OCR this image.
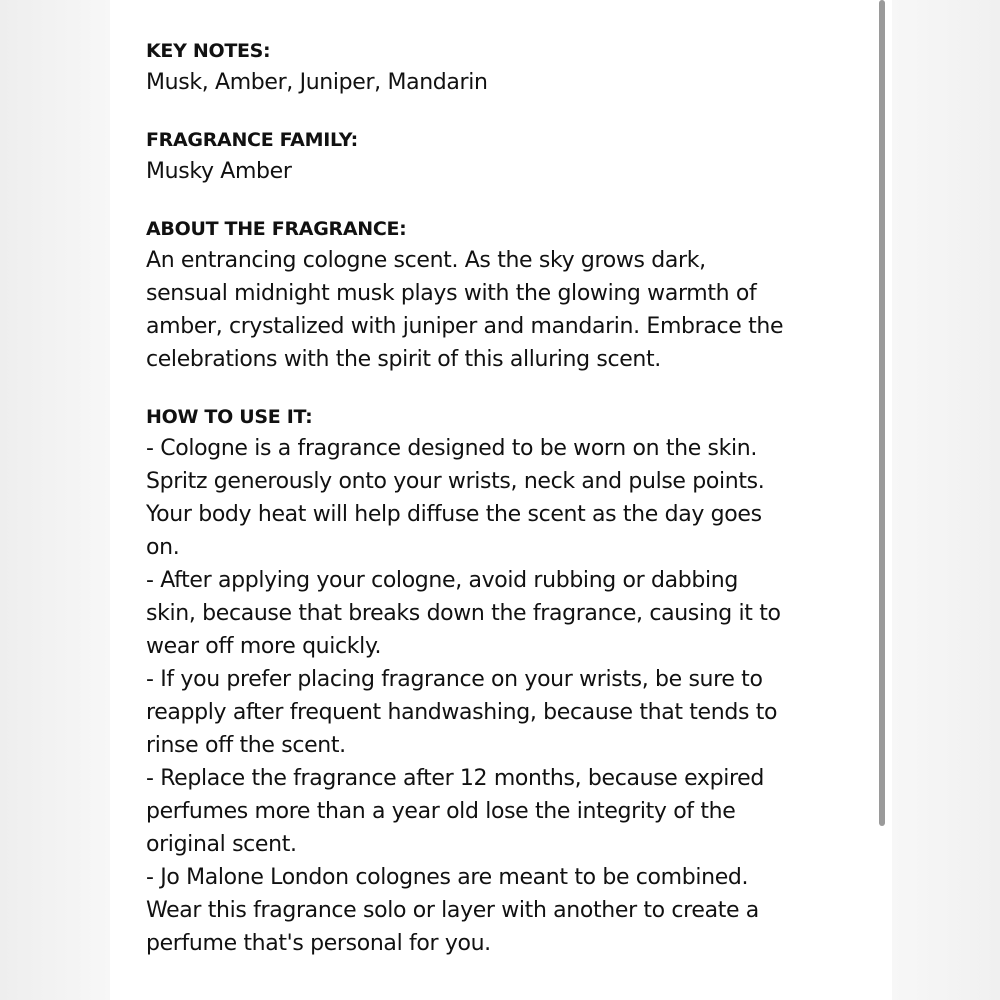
KEY NOTES:
Musk, Amber, Juniper, Mandarin
FRAGRANCE FAMILY:
Musky Amber
ABOUT THE FRAGRANCE:
An entrancing cologne scent. As the sky grows dark,
sensual midnight musk plays with the glowing warmth of
amber, crystalized with juniper and mandarin. Embrace the
celebrations with the spirit of this alluring scent.
HOW TO USE IT:
- Cologne is a fragrance designed to be worn on the skin.
Spritz generously onto your wrists, neck and pulse points.
Your body heat will help diffuse the scent as the day goes
on.
- After applying your cologne, avoid rubbing or dabbing
skin, because that breaks down the fragrance, causing it to
wear off more quickly.
- If you prefer placing fragrance on your wrists, be sure to
reapply after frequent handwashing, because that tends to
rinse off the scent.
- Replace the fragrance after 12 months, because expired
perfumes more than a year old lose the integrity of the
original scent.
- Jo Malone London colognes are meant to be combined.
Wear this fragrance solo or layer with another to create a
perfume that's personal for you.
